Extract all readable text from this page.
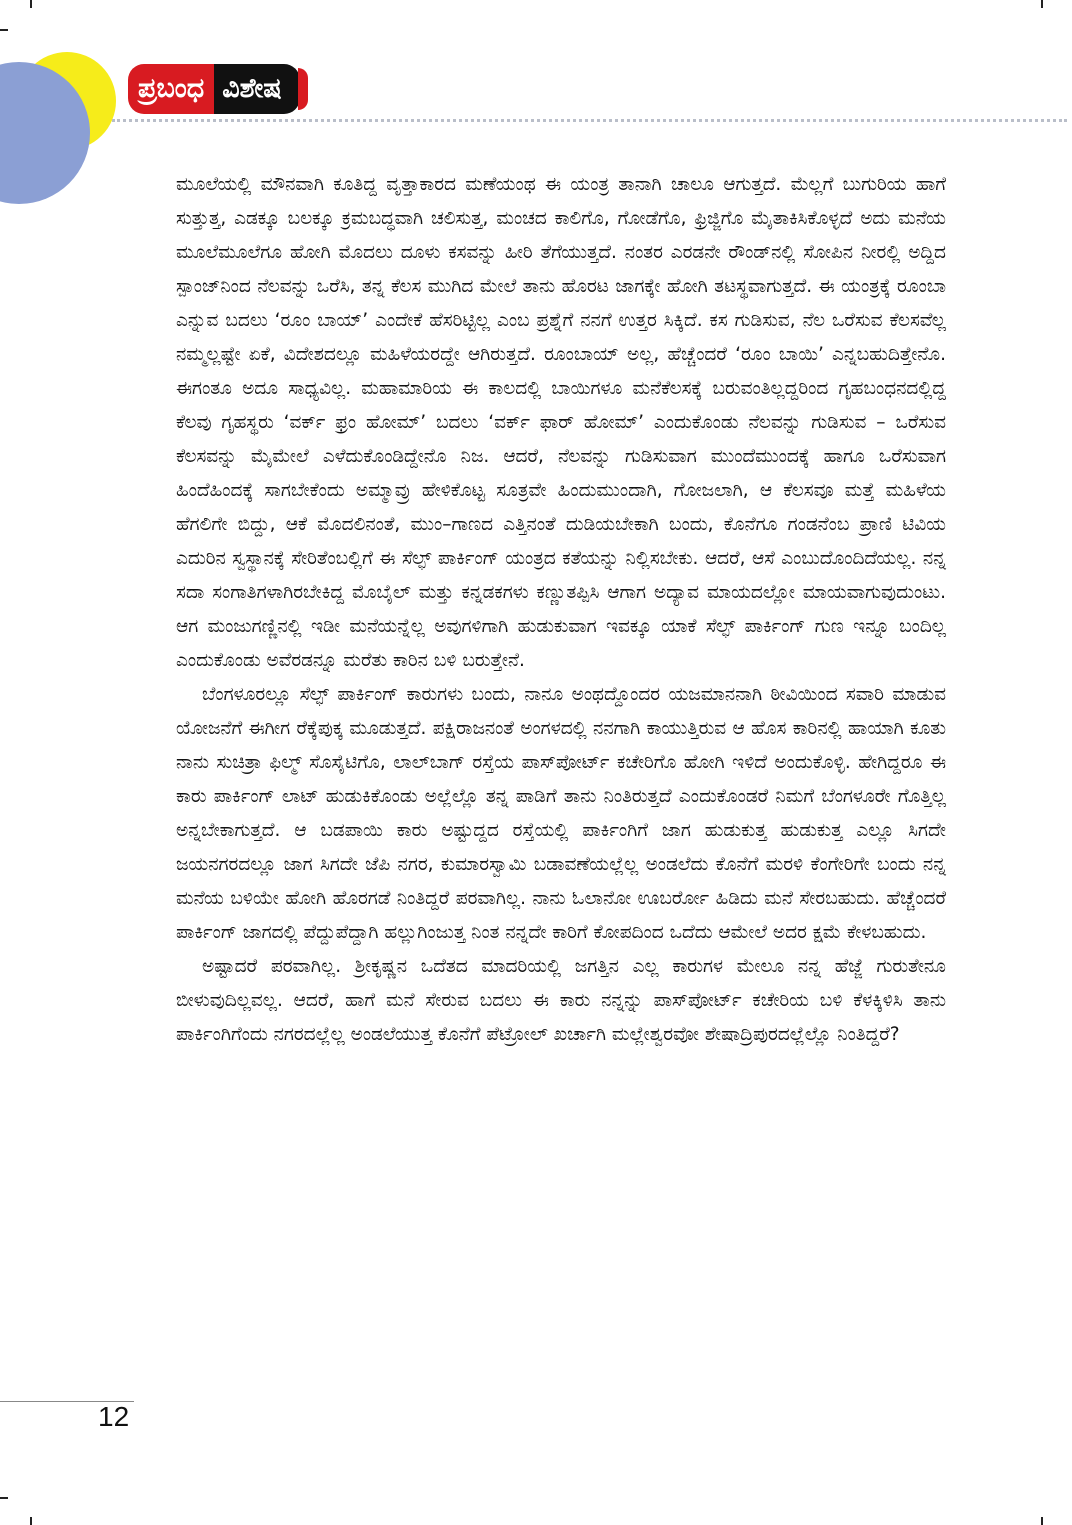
ಪ್ರಬಂಧ ವಿಶೇಷ

ಮೂಲೆಯಲ್ಲಿ ಮೌನವಾಗಿ ಕೂತಿದ್ದ ವೃತ್ತಾಕಾರದ ಮಣೆಯಂಥ ಈ ಯಂತ್ರ ತಾನಾಗಿ ಚಾಲೂ ಆಗುತ್ತದೆ. ಮೆಲ್ಲಗೆ ಬುಗುರಿಯ ಹಾಗೆ ಸುತ್ತುತ್ತ, ಎಡಕ್ಕೂ ಬಲಕ್ಕೂ ಕ್ರಮಬದ್ಧವಾಗಿ ಚಲಿಸುತ್ತ, ಮಂಚದ ಕಾಲಿಗೊ, ಗೋಡೆಗೊ, ಫ್ರಿಜ್ಜಿಗೊ ಮೈತಾಕಿಸಿಕೊಳ್ಳದೆ ಅದು ಮನೆಯ ಮೂಲೆಮೂಲೆಗೂ ಹೋಗಿ ಮೊದಲು ದೂಳು ಕಸವನ್ನು ಹೀರಿ ತೆಗೆಯುತ್ತದೆ. ನಂತರ ಎರಡನೇ ರೌಂಡ್‌ನಲ್ಲಿ ಸೋಪಿನ ನೀರಲ್ಲಿ ಅದ್ದಿದ ಸ್ಪಾಂಜ್‌ನಿಂದ ನೆಲವನ್ನು ಒರೆಸಿ, ತನ್ನ ಕೆಲಸ ಮುಗಿದ ಮೇಲೆ ತಾನು ಹೊರಟ ಜಾಗಕ್ಕೇ ಹೋಗಿ ತಟಸ್ಥವಾಗುತ್ತದೆ. ಈ ಯಂತ್ರಕ್ಕೆ ರೂಂಬಾ ಎನ್ನುವ ಬದಲು ‘ರೂಂ ಬಾಯ್’ ಎಂದೇಕೆ ಹೆಸರಿಟ್ಟಿಲ್ಲ ಎಂಬ ಪ್ರಶ್ನೆಗೆ ನನಗೆ ಉತ್ತರ ಸಿಕ್ಕಿದೆ. ಕಸ ಗುಡಿಸುವ, ನೆಲ ಒರೆಸುವ ಕೆಲಸವೆಲ್ಲ ನಮ್ಮಲ್ಲಷ್ಟೇ ಏಕೆ, ವಿದೇಶದಲ್ಲೂ ಮಹಿಳೆಯರದ್ದೇ ಆಗಿರುತ್ತದೆ. ರೂಂಬಾಯ್ ಅಲ್ಲ, ಹೆಚ್ಚೆಂದರೆ ‘ರೂಂ ಬಾಯಿ’ ಎನ್ನಬಹುದಿತ್ತೇನೊ. ಈಗಂತೂ ಅದೂ ಸಾಧ್ಯವಿಲ್ಲ. ಮಹಾಮಾರಿಯ ಈ ಕಾಲದಲ್ಲಿ ಬಾಯಿಗಳೂ ಮನೆಕೆಲಸಕ್ಕೆ ಬರುವಂತಿಲ್ಲದ್ದರಿಂದ ಗೃಹಬಂಧನದಲ್ಲಿದ್ದ ಕೆಲವು ಗೃಹಸ್ಥರು ‘ವರ್ಕ್ ಫ್ರಂ ಹೋಮ್’ ಬದಲು ‘ವರ್ಕ್ ಫಾರ್ ಹೋಮ್’ ಎಂದುಕೊಂಡು ನೆಲವನ್ನು ಗುಡಿಸುವ – ಒರೆಸುವ ಕೆಲಸವನ್ನು ಮೈಮೇಲೆ ಎಳೆದುಕೊಂಡಿದ್ದೇನೊ ನಿಜ. ಆದರೆ, ನೆಲವನ್ನು ಗುಡಿಸುವಾಗ ಮುಂದೆಮುಂದಕ್ಕೆ ಹಾಗೂ ಒರೆಸುವಾಗ ಹಿಂದೆಹಿಂದಕ್ಕೆ ಸಾಗಬೇಕೆಂದು ಅಮ್ಮಾವ್ರು ಹೇಳಿಕೊಟ್ಟ ಸೂತ್ರವೇ ಹಿಂದುಮುಂದಾಗಿ, ಗೋಜಲಾಗಿ, ಆ ಕೆಲಸವೂ ಮತ್ತೆ ಮಹಿಳೆಯ ಹೆಗಲಿಗೇ ಬಿದ್ದು, ಆಕೆ ಮೊದಲಿನಂತೆ, ಮುಂ–ಗಾಣದ ಎತ್ತಿನಂತೆ ದುಡಿಯಬೇಕಾಗಿ ಬಂದು, ಕೊನೆಗೂ ಗಂಡನೆಂಬ ಪ್ರಾಣಿ ಟಿವಿಯ ಎದುರಿನ ಸ್ವಸ್ಥಾನಕ್ಕೆ ಸೇರಿತೆಂಬಲ್ಲಿಗೆ ಈ ಸೆಲ್ಫ್ ಪಾರ್ಕಿಂಗ್ ಯಂತ್ರದ ಕತೆಯನ್ನು ನಿಲ್ಲಿಸಬೇಕು. ಆದರೆ, ಆಸೆ ಎಂಬುದೊಂದಿದೆಯಲ್ಲ. ನನ್ನ ಸದಾ ಸಂಗಾತಿಗಳಾಗಿರಬೇಕಿದ್ದ ಮೊಬೈಲ್ ಮತ್ತು ಕನ್ನಡಕಗಳು ಕಣ್ಣುತಪ್ಪಿಸಿ ಆಗಾಗ ಅದ್ಯಾವ ಮಾಯದಲ್ಲೋ ಮಾಯವಾಗುವುದುಂಟು. ಆಗ ಮಂಜುಗಣ್ಣಿನಲ್ಲಿ ಇಡೀ ಮನೆಯನ್ನೆಲ್ಲ ಅವುಗಳಿಗಾಗಿ ಹುಡುಕುವಾಗ ಇವಕ್ಕೂ ಯಾಕೆ ಸೆಲ್ಫ್ ಪಾರ್ಕಿಂಗ್ ಗುಣ ಇನ್ನೂ ಬಂದಿಲ್ಲ ಎಂದುಕೊಂಡು ಅವೆರಡನ್ನೂ ಮರೆತು ಕಾರಿನ ಬಳಿ ಬರುತ್ತೇನೆ.

ಬೆಂಗಳೂರಲ್ಲೂ ಸೆಲ್ಫ್ ಪಾರ್ಕಿಂಗ್ ಕಾರುಗಳು ಬಂದು, ನಾನೂ ಅಂಥದ್ದೊಂದರ ಯಜಮಾನನಾಗಿ ಠೀವಿಯಿಂದ ಸವಾರಿ ಮಾಡುವ ಯೋಜನೆಗೆ ಈಗೀಗ ರೆಕ್ಕೆಪುಕ್ಕ ಮೂಡುತ್ತದೆ. ಪಕ್ಷಿರಾಜನಂತೆ ಅಂಗಳದಲ್ಲಿ ನನಗಾಗಿ ಕಾಯುತ್ತಿರುವ ಆ ಹೊಸ ಕಾರಿನಲ್ಲಿ ಹಾಯಾಗಿ ಕೂತು ನಾನು ಸುಚಿತ್ರಾ ಫಿಲ್ಮ್ ಸೊಸೈಟಿಗೊ, ಲಾಲ್‌ಬಾಗ್ ರಸ್ತೆಯ ಪಾಸ್‌ಪೋರ್ಟ್ ಕಚೇರಿಗೊ ಹೋಗಿ ಇಳಿದೆ ಅಂದುಕೊಳ್ಳಿ. ಹೇಗಿದ್ದರೂ ಈ ಕಾರು ಪಾರ್ಕಿಂಗ್ ಲಾಟ್ ಹುಡುಕಿಕೊಂಡು ಅಲ್ಲೆಲ್ಲೊ ತನ್ನ ಪಾಡಿಗೆ ತಾನು ನಿಂತಿರುತ್ತದೆ ಎಂದುಕೊಂಡರೆ ನಿಮಗೆ ಬೆಂಗಳೂರೇ ಗೊತ್ತಿಲ್ಲ ಅನ್ನಬೇಕಾಗುತ್ತದೆ. ಆ ಬಡಪಾಯಿ ಕಾರು ಅಷ್ಟುದ್ದದ ರಸ್ತೆಯಲ್ಲಿ ಪಾರ್ಕಿಂಗಿಗೆ ಜಾಗ ಹುಡುಕುತ್ತ ಹುಡುಕುತ್ತ ಎಲ್ಲೂ ಸಿಗದೇ ಜಯನಗರದಲ್ಲೂ ಜಾಗ ಸಿಗದೇ ಜೆಪಿ ನಗರ, ಕುಮಾರಸ್ವಾಮಿ ಬಡಾವಣೆಯಲ್ಲೆಲ್ಲ ಅಂಡಲೆದು ಕೊನೆಗೆ ಮರಳಿ ಕೆಂಗೇರಿಗೇ ಬಂದು ನನ್ನ ಮನೆಯ ಬಳಿಯೇ ಹೋಗಿ ಹೊರಗಡೆ ನಿಂತಿದ್ದರೆ ಪರವಾಗಿಲ್ಲ. ನಾನು ಓಲಾನೋ ಊಬರ್ರೋ ಹಿಡಿದು ಮನೆ ಸೇರಬಹುದು. ಹೆಚ್ಚೆಂದರೆ ಪಾರ್ಕಿಂಗ್ ಜಾಗದಲ್ಲಿ ಪೆದ್ದುಪೆದ್ದಾಗಿ ಹಲ್ಲುಗಿಂಜುತ್ತ ನಿಂತ ನನ್ನದೇ ಕಾರಿಗೆ ಕೋಪದಿಂದ ಒದೆದು ಆಮೇಲೆ ಅದರ ಕ್ಷಮೆ ಕೇಳಬಹುದು.

ಅಷ್ಟಾದರೆ ಪರವಾಗಿಲ್ಲ. ಶ್ರೀಕೃಷ್ಣನ ಒದೆತದ ಮಾದರಿಯಲ್ಲಿ ಜಗತ್ತಿನ ಎಲ್ಲ ಕಾರುಗಳ ಮೇಲೂ ನನ್ನ ಹೆಜ್ಜೆ ಗುರುತೇನೂ ಬೀಳುವುದಿಲ್ಲವಲ್ಲ. ಆದರೆ, ಹಾಗೆ ಮನೆ ಸೇರುವ ಬದಲು ಈ ಕಾರು ನನ್ನನ್ನು ಪಾಸ್‌ಪೋರ್ಟ್ ಕಚೇರಿಯ ಬಳಿ ಕೆಳಕ್ಕಿಳಿಸಿ ತಾನು ಪಾರ್ಕಿಂಗಿಗೆಂದು ನಗರದಲ್ಲೆಲ್ಲ ಅಂಡಲೆಯುತ್ತ ಕೊನೆಗೆ ಪೆಟ್ರೋಲ್ ಖರ್ಚಾಗಿ ಮಲ್ಲೇಶ್ವರವೋ ಶೇಷಾದ್ರಿಪುರದಲ್ಲೆಲ್ಲೊ ನಿಂತಿದ್ದರೆ?

12
